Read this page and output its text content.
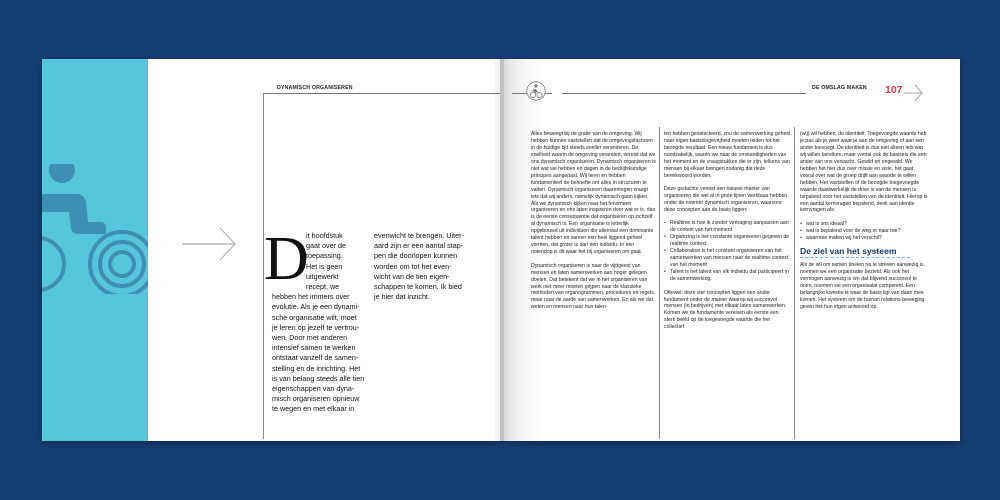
DYNAMISCH ORGANISEREN
D
it hoofdstuk
gaat over de
toepassing.
Het is geen
uitgewerkt
recept, we
hebben het immers over
evolutie. Als je een dynami-
sche organisatie wilt, moet
je leren op jezelf te vertrou-
wen. Door met anderen
intensief samen te werken
ontstaat vanzelf de samen-
stelling en de inrichting. Het
is van belang steeds alle tien
eigenschappen van dyna-
misch organiseren opnieuw
te wegen en met elkaar in
evenwicht te brengen. Uiter-
aard zijn er een aantal stap-
pen die doorlopen kunnen
worden om tot het even-
wicht van de tien eigen-
schappen te komen. Ik bied
je hier dat inzicht.
DE OMSLAG MAKEN 107

Alles beweegt bij de gratie van de omgeving. Wij hebben kunnen vaststellen dat de omgevingsfactoren in de huidige tijd steeds sneller veranderen. De snelheid waarin de omgeving verandert, vereist dat we ons dynamisch organiseren. Dynamisch organiseren is niet wat we hebben en dagen in de bedrijfskundige principes aangepast. Wij leren en hebben fundamenteel de behoefte om alles in structuren te vatten. Dynamisch organiseren daarentegen vraagt iets dat wij anders, namelijk dynamisch gaan kijken. Als we dynamisch kijken naar het fenomeen organiseren en ons laten inspireren door wat er is, dan is de eerste consequentie dat organiseren op zichzelf al dynamisch is. Een organisatie is letterlijk opgebouwd uit individuen die allemaal een dominante talent hebben en samen een heel liggend geheel vormen, dat groter is dan één individu. In een notendop is dit waar het bij organiseren om gaat.

Dynamisch organiseren is naar de vijdgeest van mensen en laten samenwerken aan hoger gelegen doelen. Dat betekent dat we in het organiseren van werk niet meer moeten grijpen naar de klassieke methoden van organogrammen, procedures en regels, maar naar de aarde van samenwerken. En als we dat weten en mensen naar hun talen-

ten hebben geselecteerd, zou de samenwerking geheel naar eigen basiszingevrijheid moeten leiden tot het beoogde resultaat. Een nieuw fundament is dus noodzakelijk, waarin we naar de omstandigheden van het moment en de vraagstukken die er zijn, telkens van mensen bij elkaar brengen zodanig dat deze bereikwoord worden.

Deze gedachte vereist een nieuwe manier van organiseren die wel al in grote lijnen werkbaar hebben onder de noemer dynamisch organiseren, waarvoor deze concepten aan de basis liggen:

• Realtime is hoe ik zonder vertraging aanpassen aan de context van het moment
• Organizing is het constante organiseren gegeven de realtime context
• Collaboration is het constant organiseren van het samenwerken van mensen naar de realtime-context van het moment
• Talent is het talent van elk individu dat participeert in de samenwerking.

Oftewel: deze vier concepten liggen een ander fundament onder de manier waarop wij succesvol mensen (in bedrijven) met elkaar laten samenwerken. Komen we de fundamente vereisen als eerste een sterk beeld op de toegevoegde waarde die het collectief

(wij) wil hebben, de identiteit. Toegevoegde waarde heb je pas als je weet waar je aan de omgeving of aan een ander toevoegt. De identiteit is dus niet alleen iets wat wij willen bereiken, maar vooral ook de basiseis die een ander van ons verwacht. Gewild en ongewild. We hebben het hier dus over missie en visie, het gaat vooral over wat de groep drijft aan waarde te willen hebben. Het vaststellen of de beoogde toegevoegde waarde daadwerkelijk de drive is van de mensen is bepalend voor het vaststellen van de identiteit. Hierop is een aantal kernvragen bepalend, denk aan identie kernvragen als:

• wat is ons ideaal?
• wat is bepalend voor de weg er naar toe?
• waarmee maken wij het verschil?
De ziel van het systeem

Als de wil om samen doelen na te streven aanwezig is, noemen we een organisatie bezield. Als ook het vermogen aanwezig is om dat blijvend succesvol te doen, noemen we een organisatie competent. Een belangrijke kwestie is waar de basis ligt van daan mee komen. Het systeem om de human relations-beweging geven het hun eigen antwoord op.
